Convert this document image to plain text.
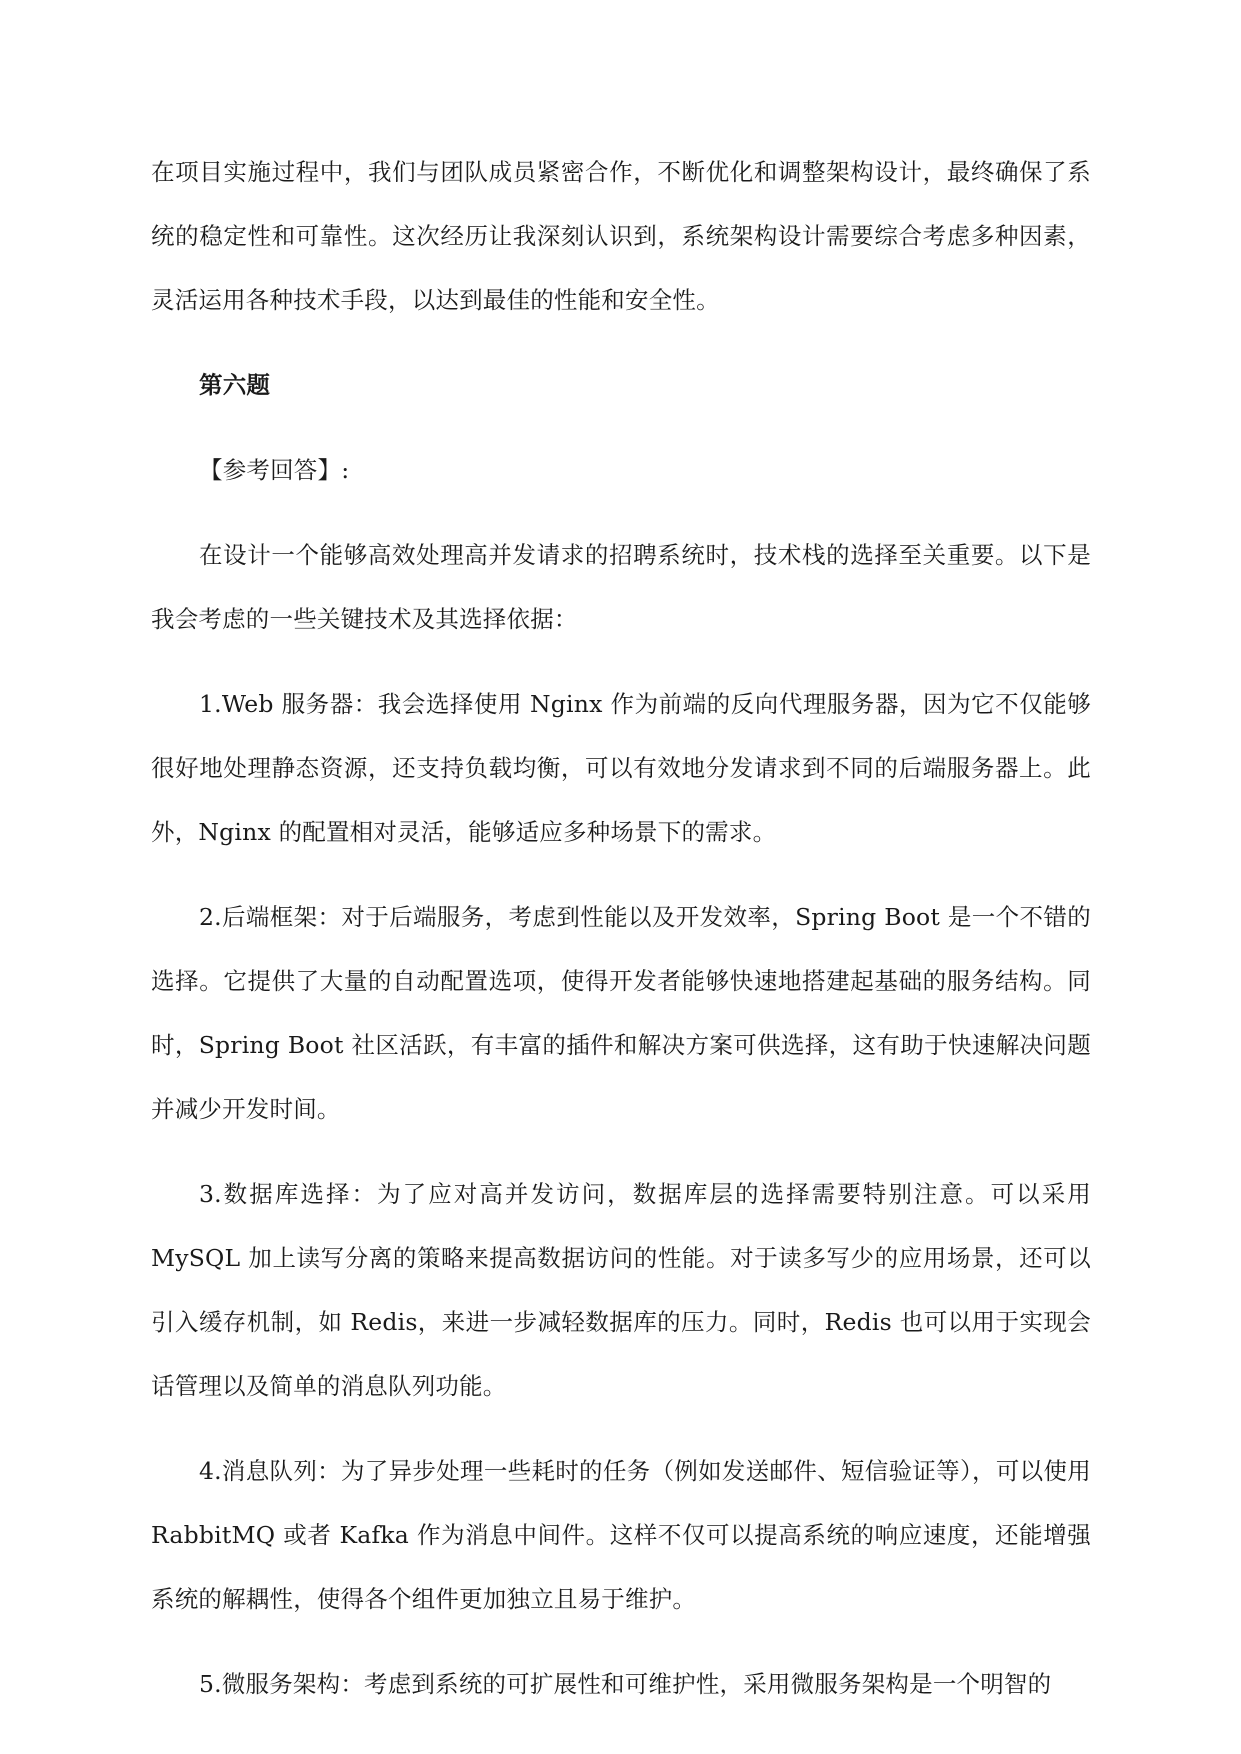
在项目实施过程中，我们与团队成员紧密合作，不断优化和调整架构设计，最终确保了系统的稳定性和可靠性。这次经历让我深刻认识到，系统架构设计需要综合考虑多种因素，灵活运用各种技术手段，以达到最佳的性能和安全性。

第六题

【参考回答】:

在设计一个能够高效处理高并发请求的招聘系统时，技术栈的选择至关重要。以下是我会考虑的一些关键技术及其选择依据：

1.Web 服务器：我会选择使用 Nginx 作为前端的反向代理服务器，因为它不仅能够很好地处理静态资源，还支持负载均衡，可以有效地分发请求到不同的后端服务器上。此外，Nginx 的配置相对灵活，能够适应多种场景下的需求。

2.后端框架：对于后端服务，考虑到性能以及开发效率，Spring Boot 是一个不错的选择。它提供了大量的自动配置选项，使得开发者能够快速地搭建起基础的服务结构。同时，Spring Boot 社区活跃，有丰富的插件和解决方案可供选择，这有助于快速解决问题并减少开发时间。

3.数据库选择：为了应对高并发访问，数据库层的选择需要特别注意。可以采用 MySQL 加上读写分离的策略来提高数据访问的性能。对于读多写少的应用场景，还可以引入缓存机制，如 Redis，来进一步减轻数据库的压力。同时，Redis 也可以用于实现会话管理以及简单的消息队列功能。

4.消息队列：为了异步处理一些耗时的任务（例如发送邮件、短信验证等），可以使用 RabbitMQ 或者 Kafka 作为消息中间件。这样不仅可以提高系统的响应速度，还能增强系统的解耦性，使得各个组件更加独立且易于维护。

5.微服务架构：考虑到系统的可扩展性和可维护性，采用微服务架构是一个明智的
